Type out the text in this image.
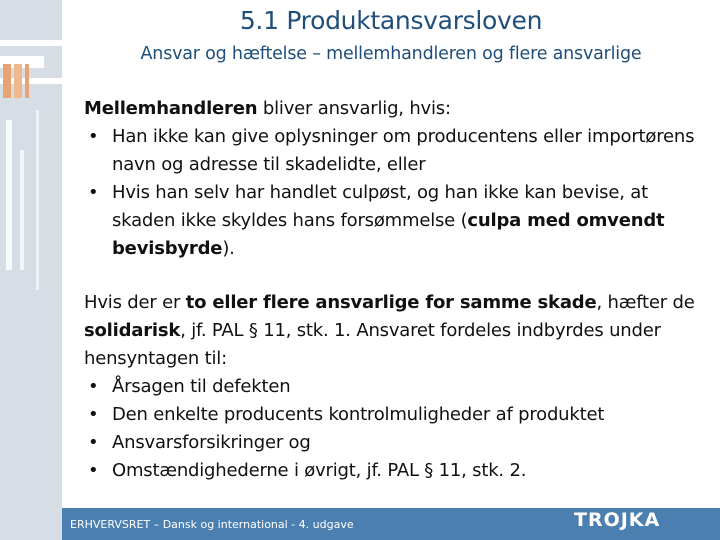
5.1 Produktansvarsloven
Ansvar og hæftelse – mellemhandleren og flere ansvarlige

Mellemhandleren bliver ansvarlig, hvis:

• Han ikke kan give oplysninger om producentens eller importørens navn og adresse til skadelidte, eller
• Hvis han selv har handlet culpøst, og han ikke kan bevise, at skaden ikke skyldes hans forsømmelse (culpa med omvendt bevisbyrde).

Hvis der er to eller flere ansvarlige for samme skade, hæfter de solidarisk, jf. PAL § 11, stk. 1. Ansvaret fordeles indbyrdes under hensyntagen til:

• Årsagen til defekten
• Den enkelte producents kontrolmuligheder af produktet
• Ansvarsforsikringer og
• Omstændighederne i øvrigt, jf. PAL § 11, stk. 2.
ERHVERVSRET – Dansk og international - 4. udgave	TROJKA
